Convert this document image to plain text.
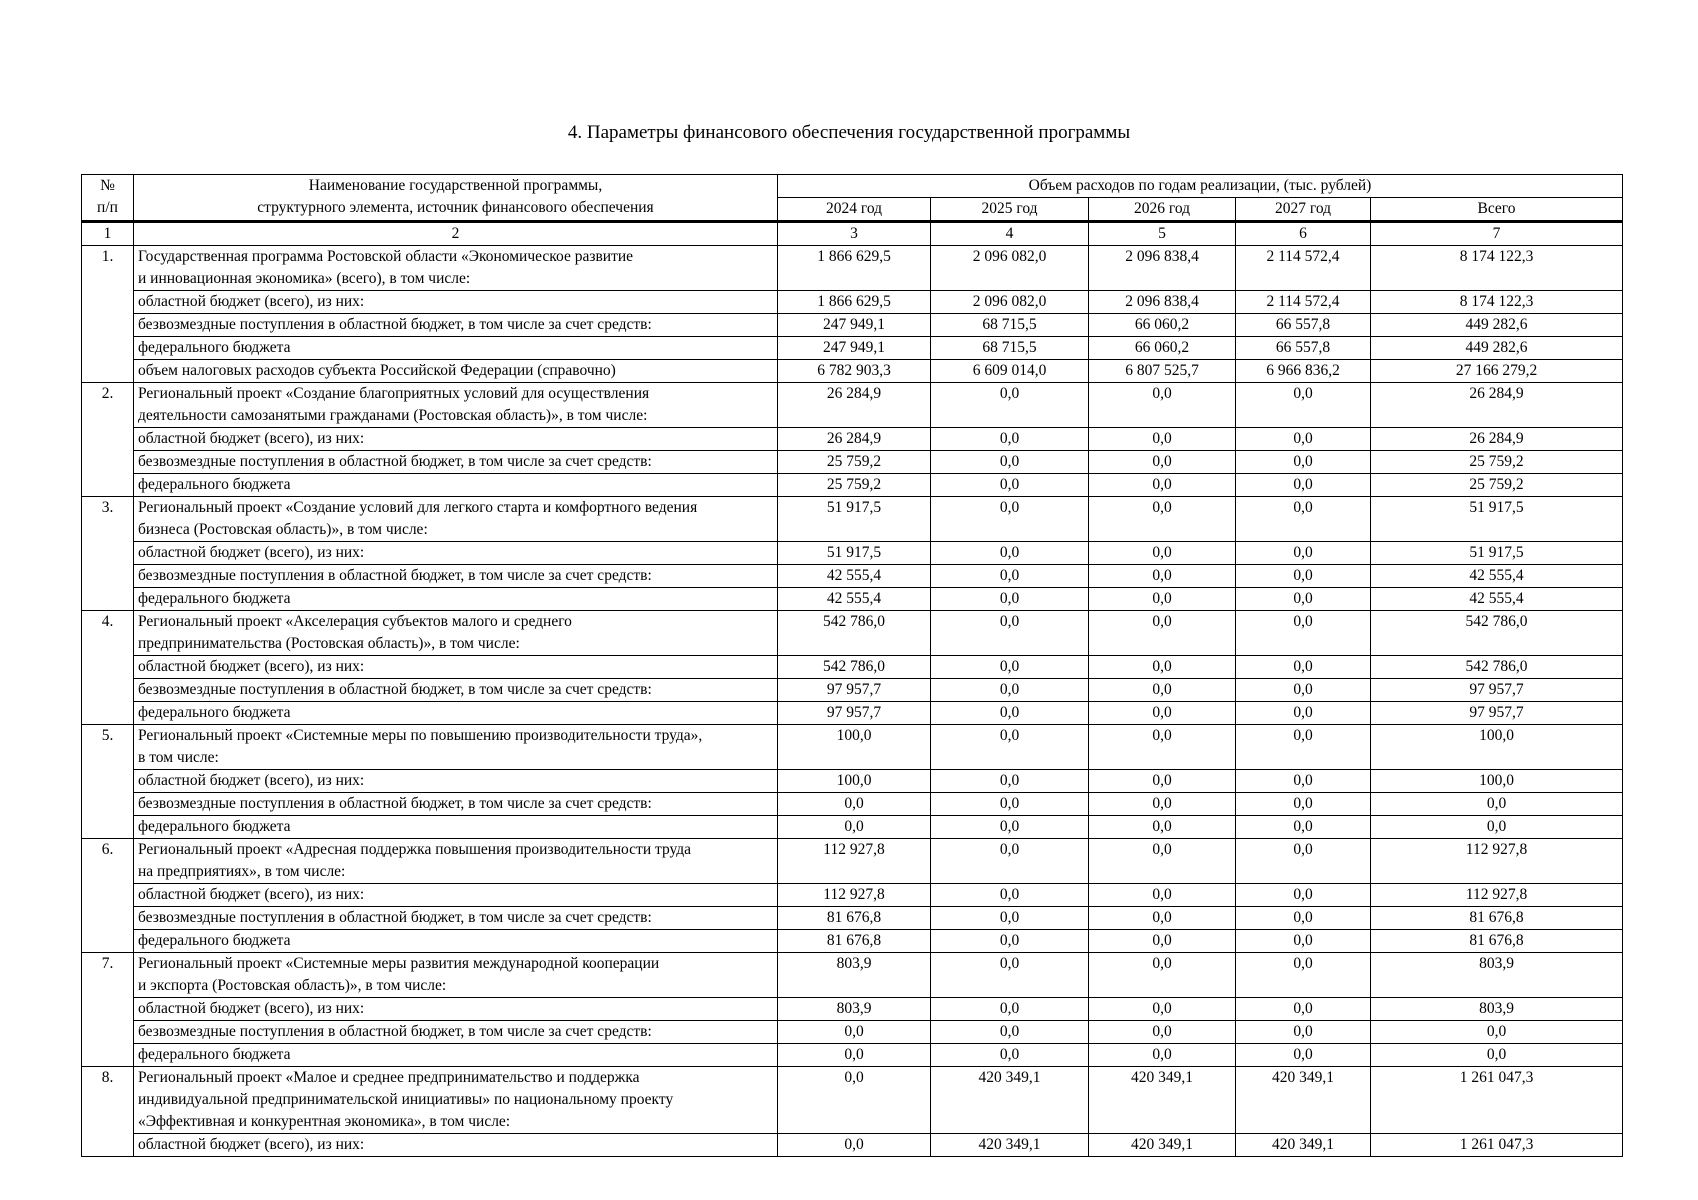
4. Параметры финансового обеспечения государственной программы
№
п/п	Наименование государственной программы,
структурного элемента, источник финансового обеспечения	Объем расходов по годам реализации, (тыс. рублей)				
		2024 год	2025 год	2026 год	2027 год	Всего
1	2	3	4	5	6	7
1.	Государственная программа Ростовской области «Экономическое развитие
и инновационная экономика» (всего), в том числе:	1 866 629,5	2 096 082,0	2 096 838,4	2 114 572,4	8 174 122,3
	областной бюджет (всего), из них:	1 866 629,5	2 096 082,0	2 096 838,4	2 114 572,4	8 174 122,3
	безвозмездные поступления в областной бюджет, в том числе за счет средств:	247 949,1	68 715,5	66 060,2	66 557,8	449 282,6
	федерального бюджета	247 949,1	68 715,5	66 060,2	66 557,8	449 282,6
	объем налоговых расходов субъекта Российской Федерации (справочно)	6 782 903,3	6 609 014,0	6 807 525,7	6 966 836,2	27 166 279,2
2.	Региональный проект «Создание благоприятных условий для осуществления
деятельности самозанятыми гражданами (Ростовская область)», в том числе:	26 284,9	0,0	0,0	0,0	26 284,9
	областной бюджет (всего), из них:	26 284,9	0,0	0,0	0,0	26 284,9
	безвозмездные поступления в областной бюджет, в том числе за счет средств:	25 759,2	0,0	0,0	0,0	25 759,2
	федерального бюджета	25 759,2	0,0	0,0	0,0	25 759,2
3.	Региональный проект «Создание условий для легкого старта и комфортного ведения
бизнеса (Ростовская область)», в том числе:	51 917,5	0,0	0,0	0,0	51 917,5
	областной бюджет (всего), из них:	51 917,5	0,0	0,0	0,0	51 917,5
	безвозмездные поступления в областной бюджет, в том числе за счет средств:	42 555,4	0,0	0,0	0,0	42 555,4
	федерального бюджета	42 555,4	0,0	0,0	0,0	42 555,4
4.	Региональный проект «Акселерация субъектов малого и среднего
предпринимательства (Ростовская область)», в том числе:	542 786,0	0,0	0,0	0,0	542 786,0
	областной бюджет (всего), из них:	542 786,0	0,0	0,0	0,0	542 786,0
	безвозмездные поступления в областной бюджет, в том числе за счет средств:	97 957,7	0,0	0,0	0,0	97 957,7
	федерального бюджета	97 957,7	0,0	0,0	0,0	97 957,7
5.	Региональный проект «Системные меры по повышению производительности труда»,
в том числе:	100,0	0,0	0,0	0,0	100,0
	областной бюджет (всего), из них:	100,0	0,0	0,0	0,0	100,0
	безвозмездные поступления в областной бюджет, в том числе за счет средств:	0,0	0,0	0,0	0,0	0,0
	федерального бюджета	0,0	0,0	0,0	0,0	0,0
6.	Региональный проект «Адресная поддержка повышения производительности труда
на предприятиях», в том числе:	112 927,8	0,0	0,0	0,0	112 927,8
	областной бюджет (всего), из них:	112 927,8	0,0	0,0	0,0	112 927,8
	безвозмездные поступления в областной бюджет, в том числе за счет средств:	81 676,8	0,0	0,0	0,0	81 676,8
	федерального бюджета	81 676,8	0,0	0,0	0,0	81 676,8
7.	Региональный проект «Системные меры развития международной кооперации
и экспорта (Ростовская область)», в том числе:	803,9	0,0	0,0	0,0	803,9
	областной бюджет (всего), из них:	803,9	0,0	0,0	0,0	803,9
	безвозмездные поступления в областной бюджет, в том числе за счет средств:	0,0	0,0	0,0	0,0	0,0
	федерального бюджета	0,0	0,0	0,0	0,0	0,0
8.	Региональный проект «Малое и среднее предпринимательство и поддержка
индивидуальной предпринимательской инициативы» по национальному проекту
«Эффективная и конкурентная экономика», в том числе:	0,0	420 349,1	420 349,1	420 349,1	1 261 047,3
	областной бюджет (всего), из них:	0,0	420 349,1	420 349,1	420 349,1	1 261 047,3
